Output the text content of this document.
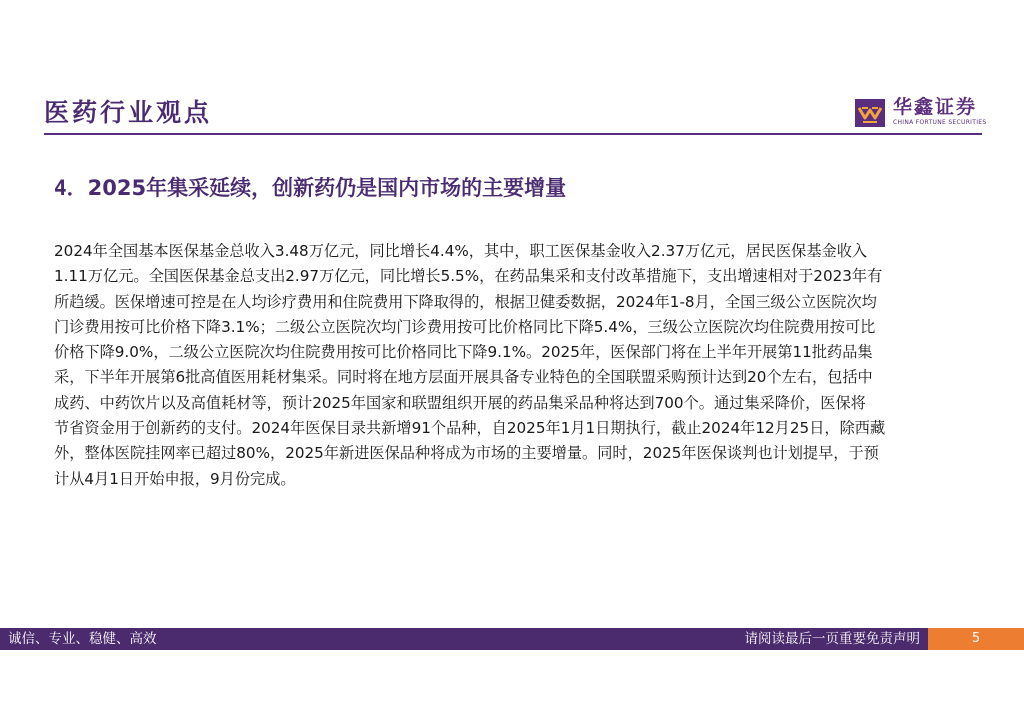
医药行业观点	华鑫证券
CHINA FORTUNE SECURITIES
4．2025年集采延续，创新药仍是国内市场的主要增量

2024年全国基本医保基金总收入3.48万亿元，同比增长4.4%，其中，职工医保基金收入2.37万亿元，居民医保基金收入
1.11万亿元。全国医保基金总支出2.97万亿元，同比增长5.5%，在药品集采和支付改革措施下，支出增速相对于2023年有
所趋缓。医保增速可控是在人均诊疗费用和住院费用下降取得的，根据卫健委数据，2024年1-8月，全国三级公立医院次均
门诊费用按可比价格下降3.1%；二级公立医院次均门诊费用按可比价格同比下降5.4%，三级公立医院次均住院费用按可比
价格下降9.0%，二级公立医院次均住院费用按可比价格同比下降9.1%。2025年，医保部门将在上半年开展第11批药品集
采，下半年开展第6批高值医用耗材集采。同时将在地方层面开展具备专业特色的全国联盟采购预计达到20个左右，包括中
成药、中药饮片以及高值耗材等，预计2025年国家和联盟组织开展的药品集采品种将达到700个。通过集采降价，医保将
节省资金用于创新药的支付。2024年医保目录共新增91个品种，自2025年1月1日期执行，截止2024年12月25日，除西藏
外，整体医院挂网率已超过80%，2025年新进医保品种将成为市场的主要增量。同时，2025年医保谈判也计划提早，于预
计从4月1日开始申报，9月份完成。

诚信、专业、稳健、高效	请阅读最后一页重要免责声明	5
